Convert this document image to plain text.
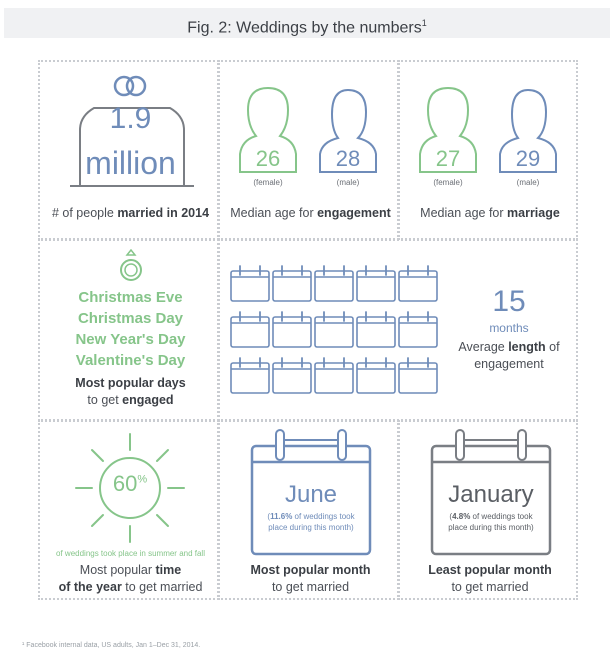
Fig. 2: Weddings by the numbers$^1$
1.9
million
# of people married in 2014
26	28
(female)	(male)
Median age for engagement
27	29
(female)	(male)
Median age for marriage
Christmas Eve
Christmas Day
New Year's Day
Valentine's Day
Most popular days
to get engaged
15
months
Average length of
engagement
60%
of weddings took place in summer and fall
Most popular time
of the year to get married
June
(11.6% of weddings took
place during this month)
Most popular month
to get married
January
(4.8% of weddings took
place during this month)
Least popular month
to get married
¹ Facebook internal data, US adults, Jan 1–Dec 31, 2014.
